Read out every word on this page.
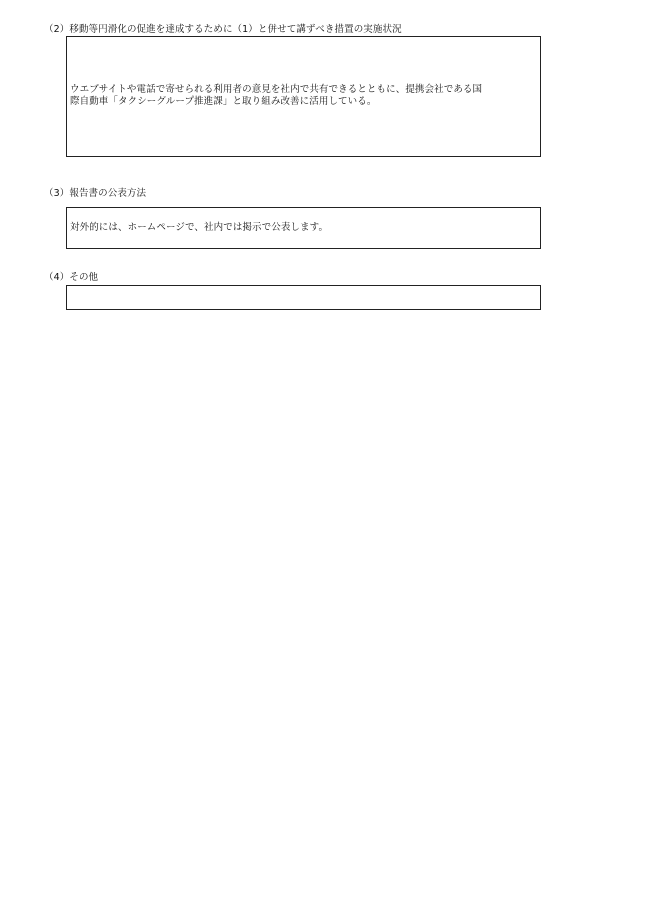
（2）移動等円滑化の促進を達成するために（1）と併せて講ずべき措置の実施状況
ウエブサイトや電話で寄せられる利用者の意見を社内で共有できるとともに、提携会社である国
際自動車「タクシーグループ推進課」と取り組み改善に活用している。
（3）報告書の公表方法
対外的には、ホームページで、社内では掲示で公表します。
（4）その他
